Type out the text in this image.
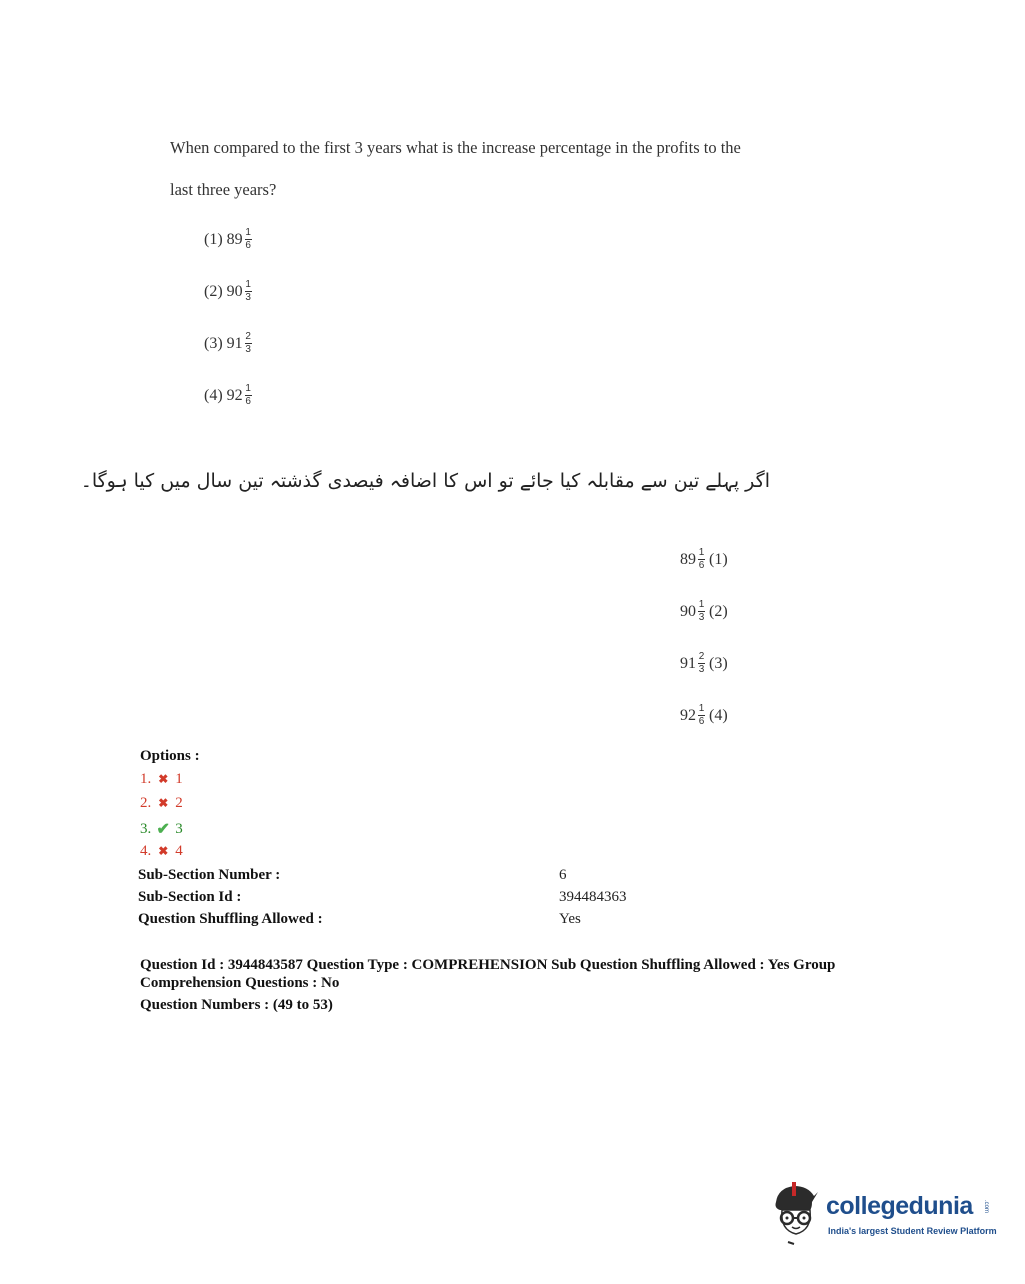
When compared to the first 3 years what is the increase percentage in the profits to the
last three years?
(1)
$89 \frac{1}{6}$
(2)
$90 \frac{1}{3}$
(3)
$91 \frac{2}{3}$
(4)
$92 \frac{1}{6}$
اگر پہلے تین سے مقابلہ کیا جائے تو اس کا اضافہ فیصدی گذشتہ تین سال میں کیا ہوگا۔
$89 \frac{1}{6}$
(1)
$90 \frac{1}{3}$
(2)
$91 \frac{2}{3}$
(3)
$92 \frac{1}{6}$
(4)
Options :
1. ✖ 1
2. ✖ 2
3. ✔ 3
4. ✖ 4
Sub-Section Number :	6
Sub-Section Id :	394484363
Question Shuffling Allowed :	Yes
Question Id : 3944843587 Question Type : COMPREHENSION Sub Question Shuffling Allowed : Yes Group
Comprehension Questions : No
Question Numbers : (49 to 53)
collegedunia .com
India's largest Student Review Platform
